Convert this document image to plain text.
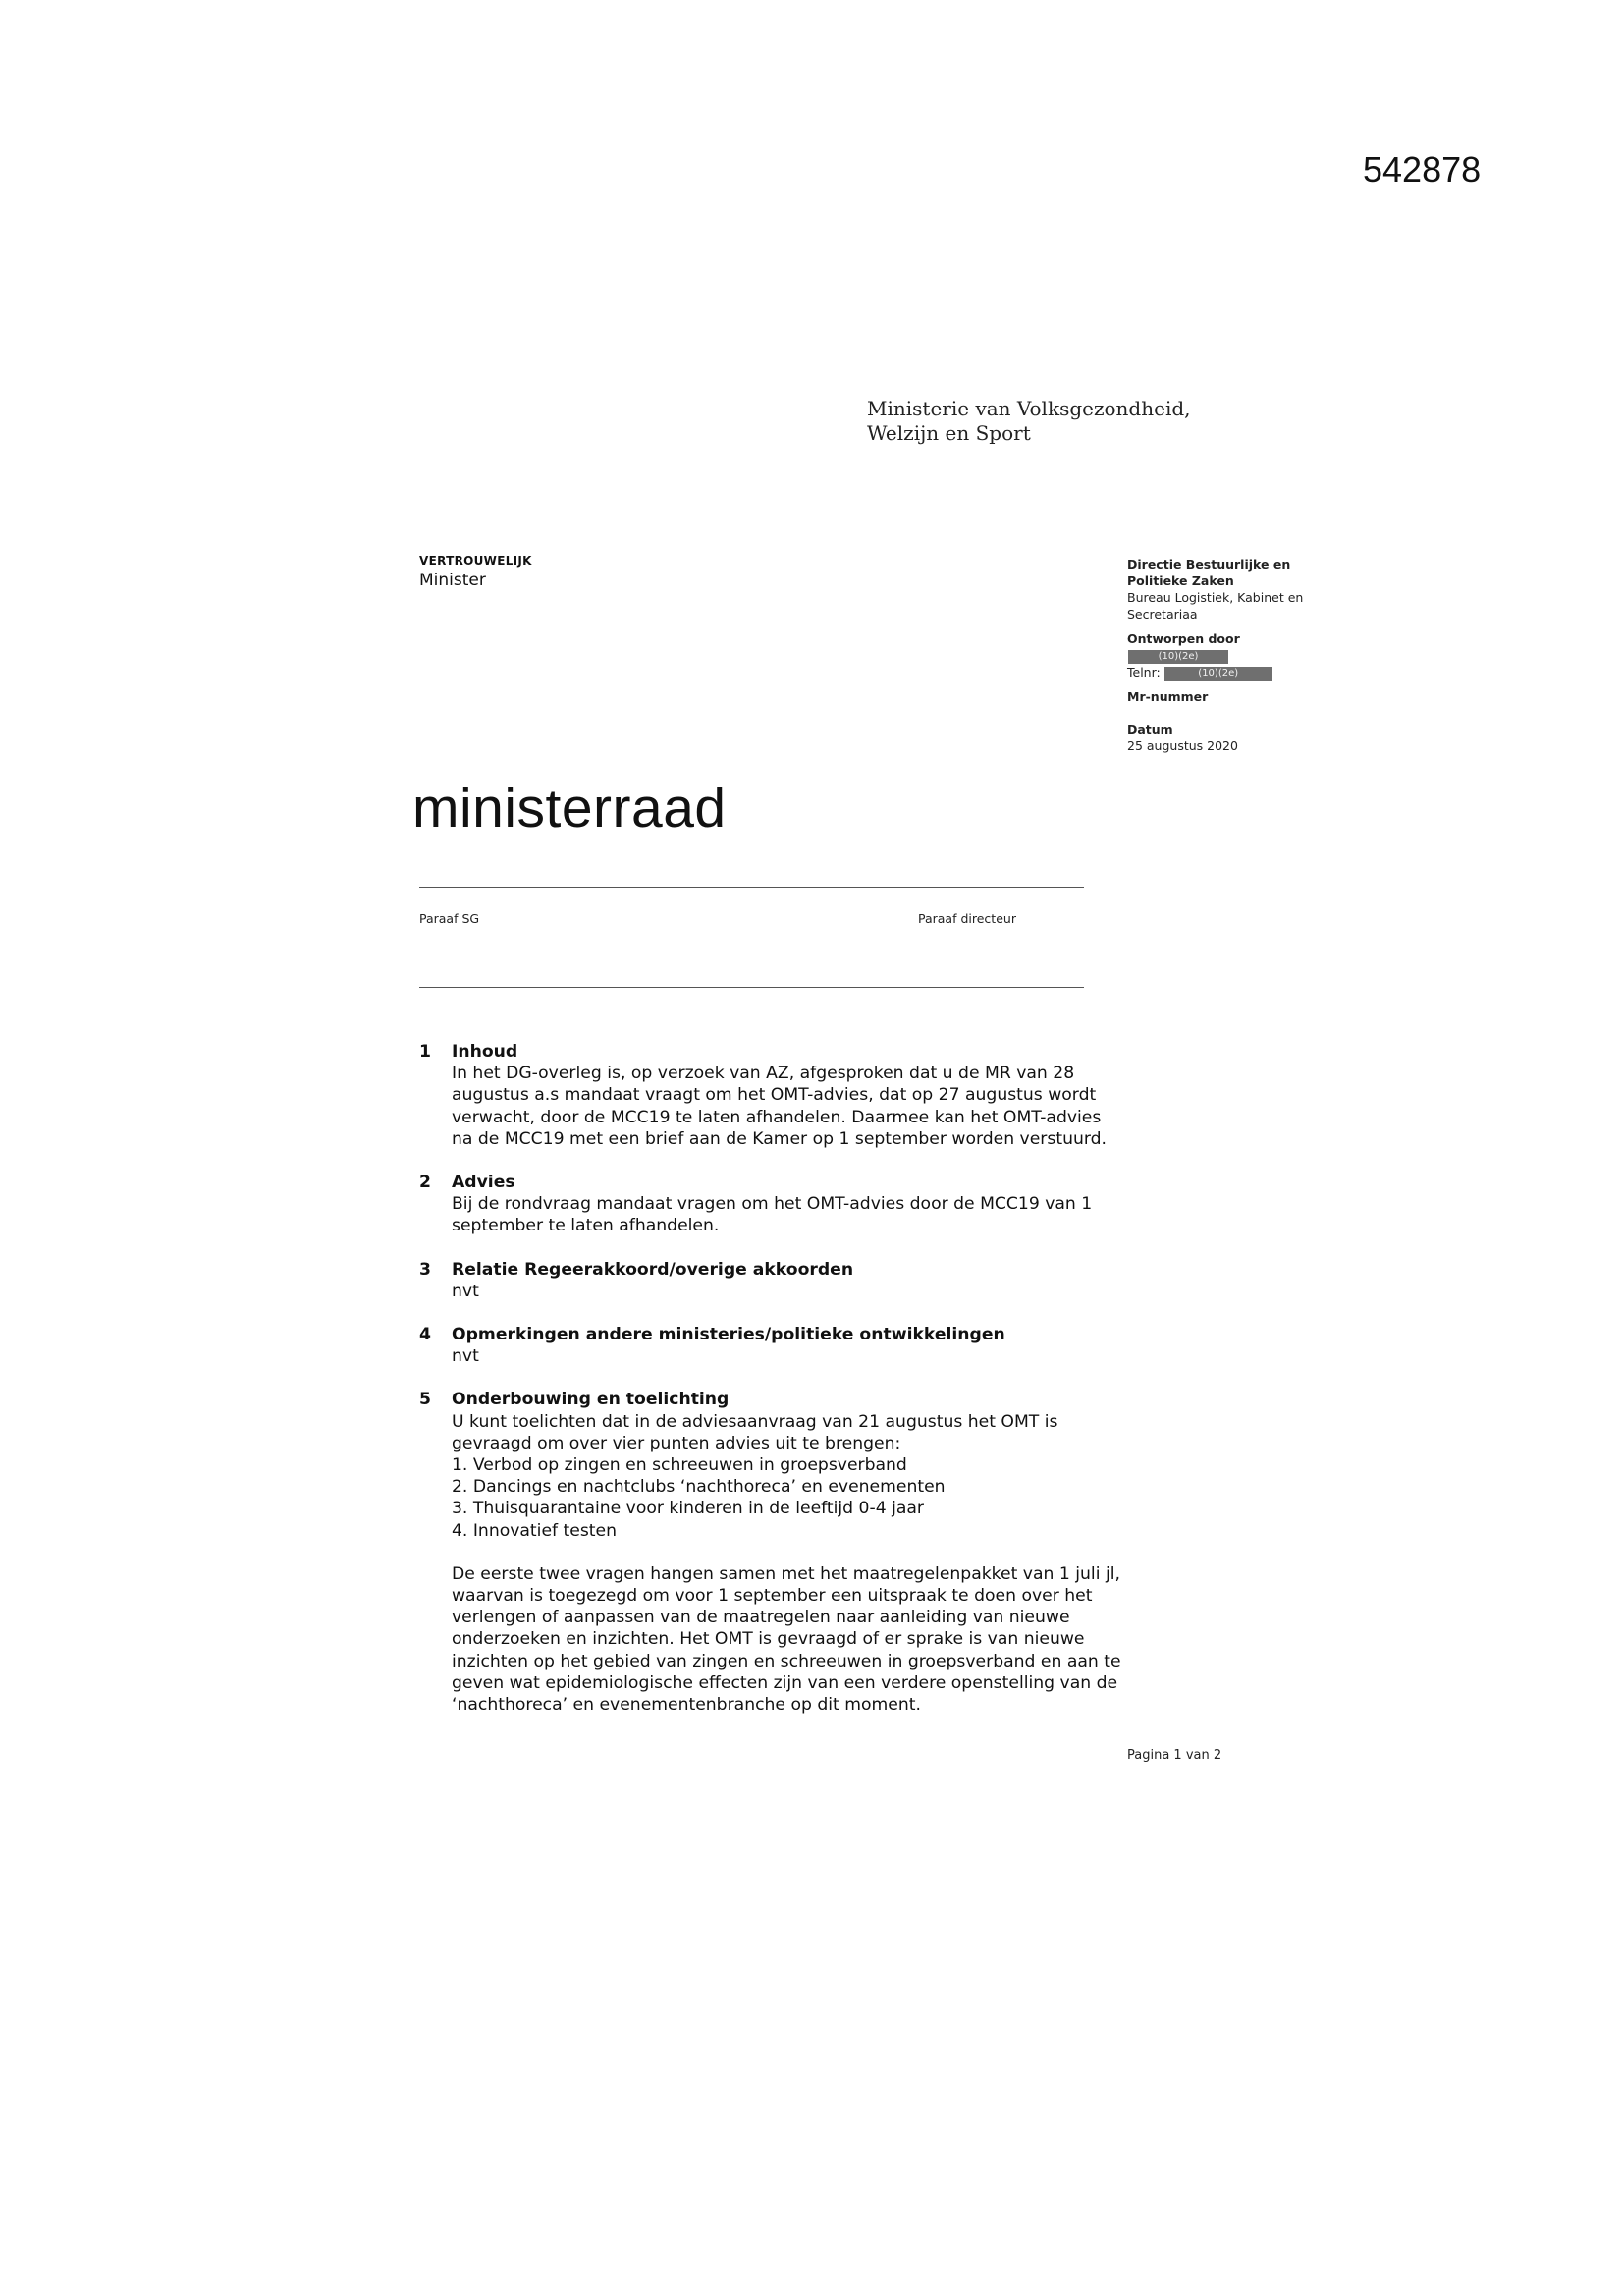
542878
Ministerie van Volksgezondheid,
Welzijn en Sport
VERTROUWELIJK
Minister
Directie Bestuurlijke en
Politieke Zaken
Bureau Logistiek, Kabinet en
Secretariaa
Ontworpen door
(10)(2e)
Telnr:	(10)(2e)
Mr-nummer
Datum
25 augustus 2020
ministerraad
Paraaf SG	Paraaf directeur
1	Inhoud

In het DG-overleg is, op verzoek van AZ, afgesproken dat u de MR van 28 augustus a.s mandaat vraagt om het OMT-advies, dat op 27 augustus wordt verwacht, door de MCC19 te laten afhandelen. Daarmee kan het OMT-advies na de MCC19 met een brief aan de Kamer op 1 september worden verstuurd.

2	Advies

Bij de rondvraag mandaat vragen om het OMT-advies door de MCC19 van 1 september te laten afhandelen.

3	Relatie Regeerakkoord/overige akkoorden

nvt

4	Opmerkingen andere ministeries/politieke ontwikkelingen

nvt

5	Onderbouwing en toelichting

U kunt toelichten dat in de adviesaanvraag van 21 augustus het OMT is gevraagd om over vier punten advies uit te brengen:

1. Verbod op zingen en schreeuwen in groepsverband
2. Dancings en nachtclubs ‘nachthoreca’ en evenementen
3. Thuisquarantaine voor kinderen in de leeftijd 0-4 jaar
4. Innovatief testen

De eerste twee vragen hangen samen met het maatregelenpakket van 1 juli jl, waarvan is toegezegd om voor 1 september een uitspraak te doen over het verlengen of aanpassen van de maatregelen naar aanleiding van nieuwe onderzoeken en inzichten. Het OMT is gevraagd of er sprake is van nieuwe inzichten op het gebied van zingen en schreeuwen in groepsverband en aan te geven wat epidemiologische effecten zijn van een verdere openstelling van de ‘nachthoreca’ en evenementenbranche op dit moment.

Pagina 1 van 2
